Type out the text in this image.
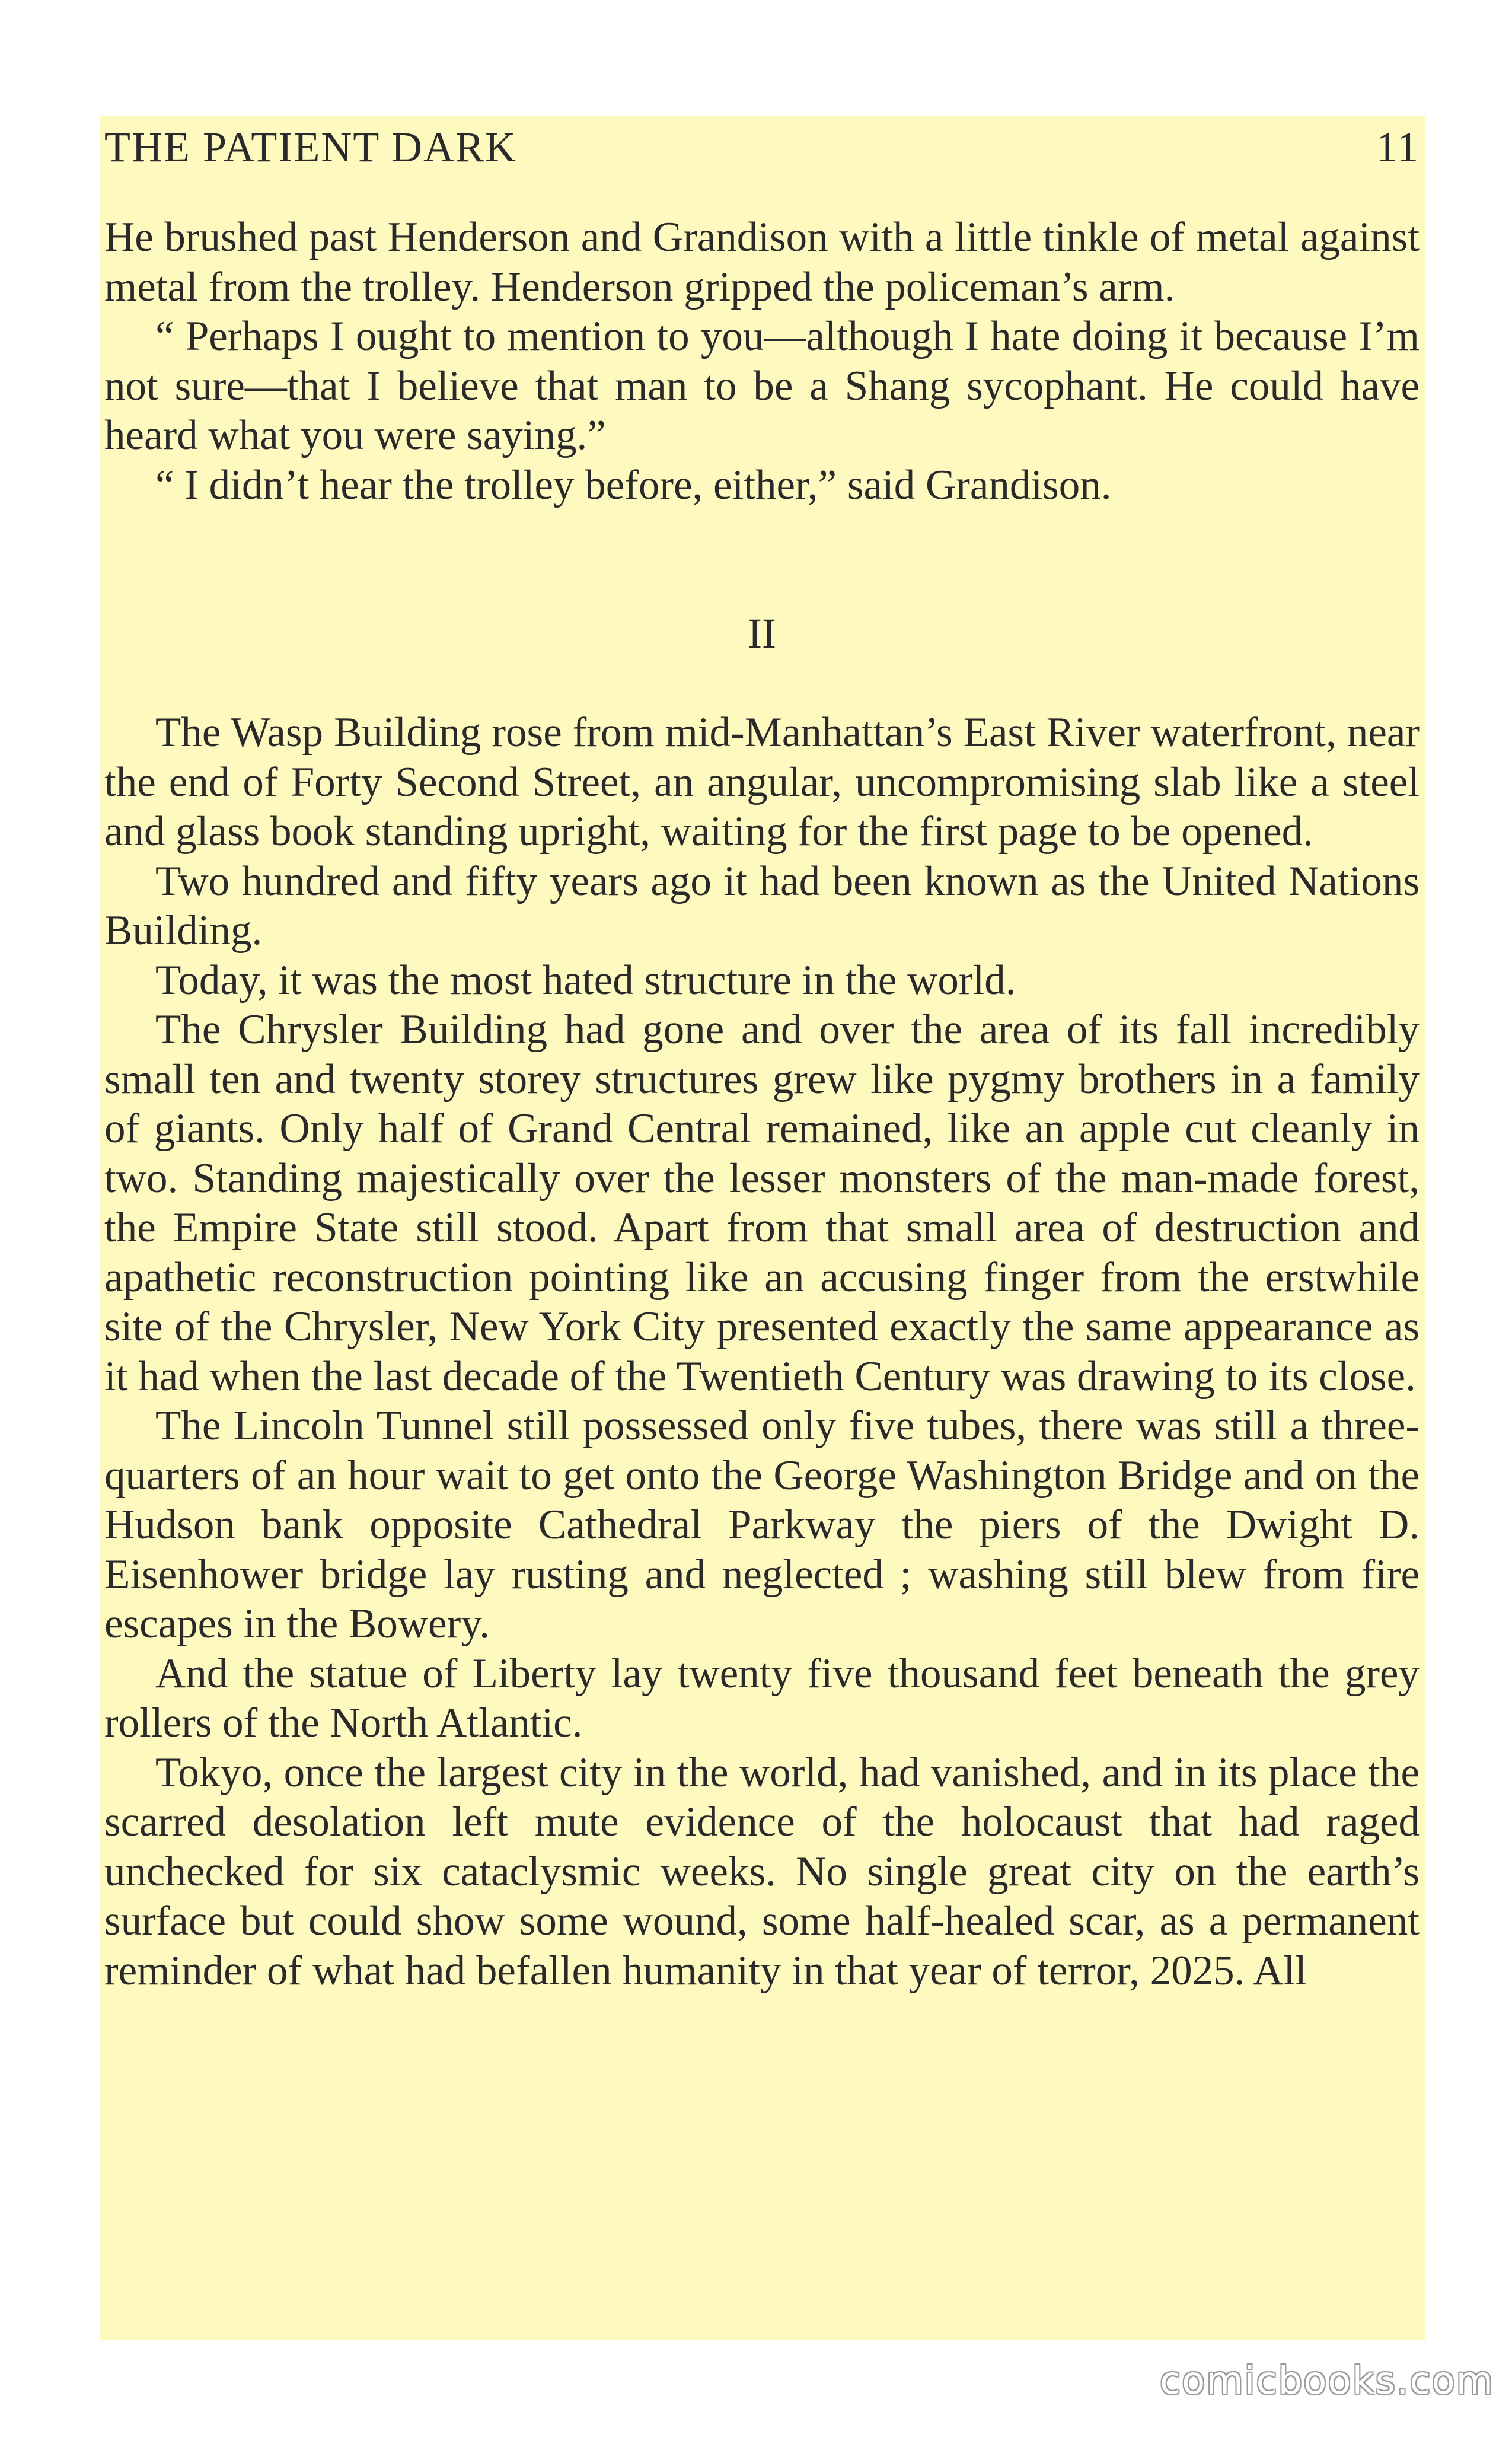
THE PATIENT DARK	11

He brushed past Henderson and Grandison with a little tinkle of metal against metal from the trolley. Henderson gripped the policeman’s arm.

“ Perhaps I ought to mention to you—although I hate doing it because I’m not sure—that I believe that man to be a Shang sycophant. He could have heard what you were saying.”

“ I didn’t hear the trolley before, either,” said Grandison.

II

The Wasp Building rose from mid-Manhattan’s East River waterfront, near the end of Forty Second Street, an angular, uncompromising slab like a steel and glass book standing upright, waiting for the first page to be opened.

Two hundred and fifty years ago it had been known as the United Nations Building.

Today, it was the most hated structure in the world.

The Chrysler Building had gone and over the area of its fall incredibly small ten and twenty storey structures grew like pygmy brothers in a family of giants. Only half of Grand Central remained, like an apple cut cleanly in two. Standing majestically over the lesser monsters of the man-made forest, the Empire State still stood. Apart from that small area of destruction and apathetic reconstruction pointing like an accusing finger from the erstwhile site of the Chrysler, New York City presented exactly the same appearance as it had when the last decade of the Twentieth Century was drawing to its close.

The Lincoln Tunnel still possessed only five tubes, there was still a three-quarters of an hour wait to get onto the George Washington Bridge and on the Hudson bank opposite Cathedral Parkway the piers of the Dwight D. Eisenhower bridge lay rusting and neglected ; washing still blew from fire escapes in the Bowery.

And the statue of Liberty lay twenty five thousand feet beneath the grey rollers of the North Atlantic.

Tokyo, once the largest city in the world, had vanished, and in its place the scarred desolation left mute evidence of the holocaust that had raged unchecked for six cataclysmic weeks. No single great city on the earth’s surface but could show some wound, some half-healed scar, as a permanent reminder of what had befallen humanity in that year of terror, 2025. All

comicbooks.com
